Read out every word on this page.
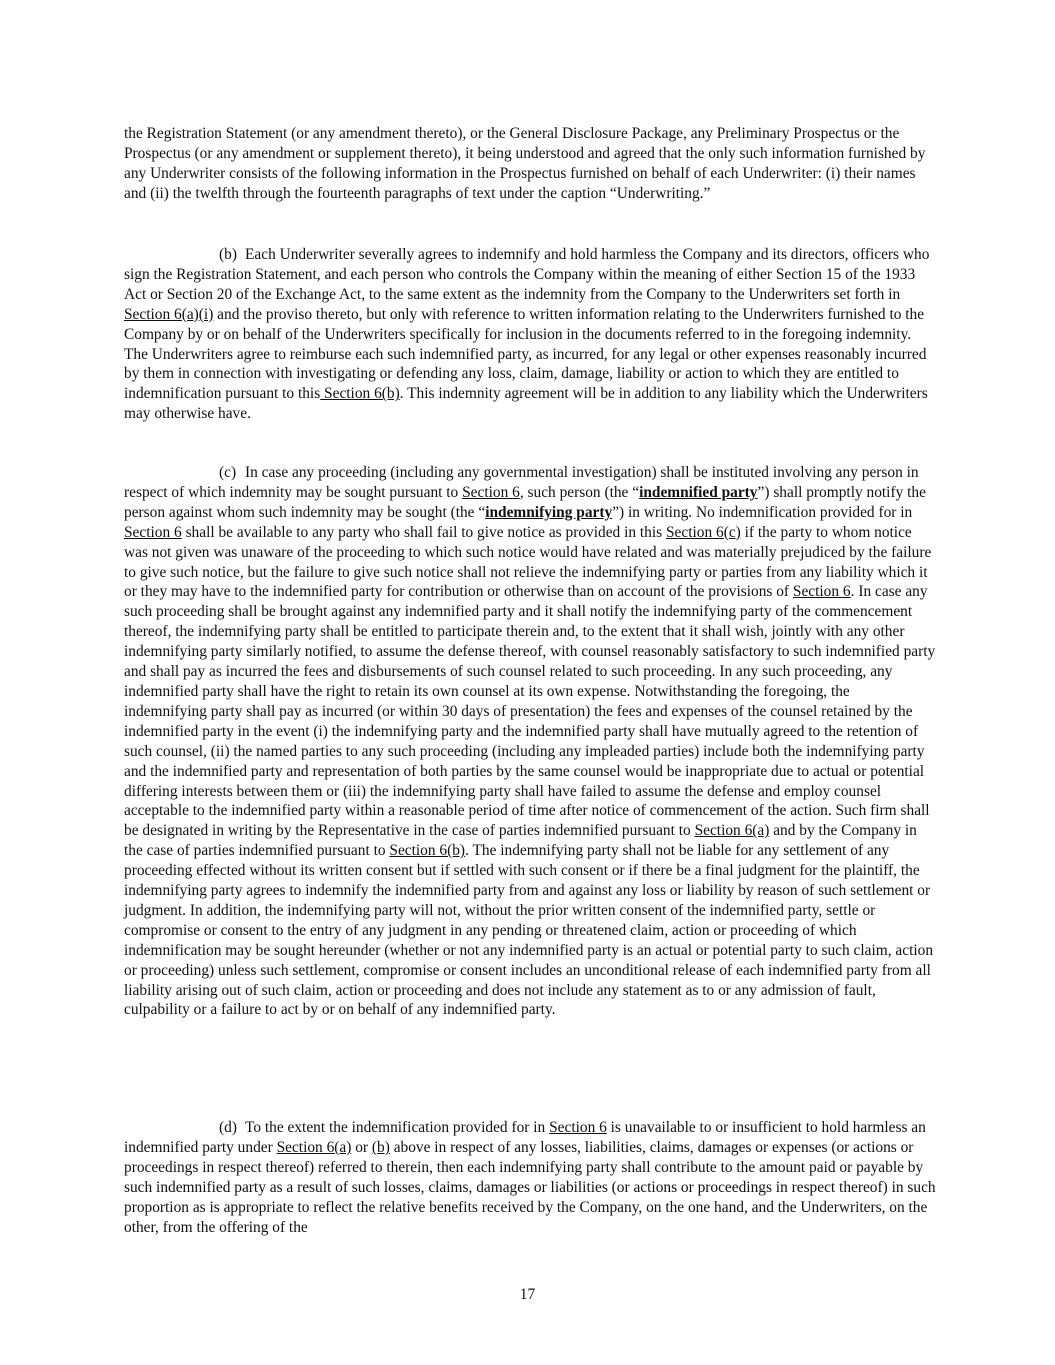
the Registration Statement (or any amendment thereto), or the General Disclosure Package, any Preliminary Prospectus or the Prospectus (or any amendment or supplement thereto), it being understood and agreed that the only such information furnished by any Underwriter consists of the following information in the Prospectus furnished on behalf of each Underwriter: (i) their names and (ii) the twelfth through the fourteenth paragraphs of text under the caption “Underwriting.”

(b) Each Underwriter severally agrees to indemnify and hold harmless the Company and its directors, officers who sign the Registration Statement, and each person who controls the Company within the meaning of either Section 15 of the 1933 Act or Section 20 of the Exchange Act, to the same extent as the indemnity from the Company to the Underwriters set forth in Section 6(a)(i) and the proviso thereto, but only with reference to written information relating to the Underwriters furnished to the Company by or on behalf of the Underwriters specifically for inclusion in the documents referred to in the foregoing indemnity. The Underwriters agree to reimburse each such indemnified party, as incurred, for any legal or other expenses reasonably incurred by them in connection with investigating or defending any loss, claim, damage, liability or action to which they are entitled to indemnification pursuant to this Section 6(b). This indemnity agreement will be in addition to any liability which the Underwriters may otherwise have.

(c) In case any proceeding (including any governmental investigation) shall be instituted involving any person in respect of which indemnity may be sought pursuant to Section 6, such person (the “indemnified party”) shall promptly notify the person against whom such indemnity may be sought (the “indemnifying party”) in writing. No indemnification provided for in Section 6 shall be available to any party who shall fail to give notice as provided in this Section 6(c) if the party to whom notice was not given was unaware of the proceeding to which such notice would have related and was materially prejudiced by the failure to give such notice, but the failure to give such notice shall not relieve the indemnifying party or parties from any liability which it or they may have to the indemnified party for contribution or otherwise than on account of the provisions of Section 6. In case any such proceeding shall be brought against any indemnified party and it shall notify the indemnifying party of the commencement thereof, the indemnifying party shall be entitled to participate therein and, to the extent that it shall wish, jointly with any other indemnifying party similarly notified, to assume the defense thereof, with counsel reasonably satisfactory to such indemnified party and shall pay as incurred the fees and disbursements of such counsel related to such proceeding. In any such proceeding, any indemnified party shall have the right to retain its own counsel at its own expense. Notwithstanding the foregoing, the indemnifying party shall pay as incurred (or within 30 days of presentation) the fees and expenses of the counsel retained by the indemnified party in the event (i) the indemnifying party and the indemnified party shall have mutually agreed to the retention of such counsel, (ii) the named parties to any such proceeding (including any impleaded parties) include both the indemnifying party and the indemnified party and representation of both parties by the same counsel would be inappropriate due to actual or potential differing interests between them or (iii) the indemnifying party shall have failed to assume the defense and employ counsel acceptable to the indemnified party within a reasonable period of time after notice of commencement of the action. Such firm shall be designated in writing by the Representative in the case of parties indemnified pursuant to Section 6(a) and by the Company in the case of parties indemnified pursuant to Section 6(b). The indemnifying party shall not be liable for any settlement of any proceeding effected without its written consent but if settled with such consent or if there be a final judgment for the plaintiff, the indemnifying party agrees to indemnify the indemnified party from and against any loss or liability by reason of such settlement or judgment. In addition, the indemnifying party will not, without the prior written consent of the indemnified party, settle or compromise or consent to the entry of any judgment in any pending or threatened claim, action or proceeding of which indemnification may be sought hereunder (whether or not any indemnified party is an actual or potential party to such claim, action or proceeding) unless such settlement, compromise or consent includes an unconditional release of each indemnified party from all liability arising out of such claim, action or proceeding and does not include any statement as to or any admission of fault, culpability or a failure to act by or on behalf of any indemnified party.

(d) To the extent the indemnification provided for in Section 6 is unavailable to or insufficient to hold harmless an indemnified party under Section 6(a) or (b) above in respect of any losses, liabilities, claims, damages or expenses (or actions or proceedings in respect thereof) referred to therein, then each indemnifying party shall contribute to the amount paid or payable by such indemnified party as a result of such losses, claims, damages or liabilities (or actions or proceedings in respect thereof) in such proportion as is appropriate to reflect the relative benefits received by the Company, on the one hand, and the Underwriters, on the other, from the offering of the

17
